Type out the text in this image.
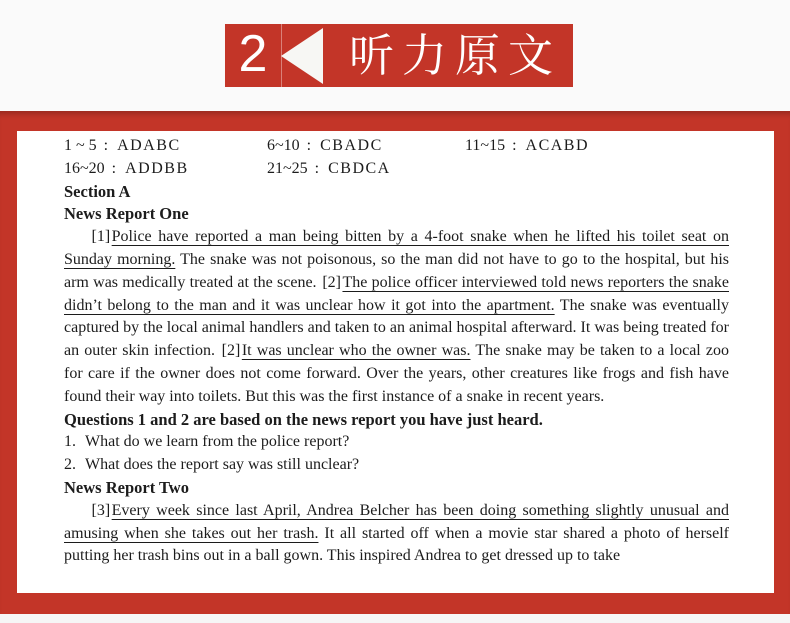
2	听力原文
1 ~ 5 : ADABC	6~10 : CBADC	11~15 : ACABD
16~20 : ADDBB	21~25 : CBDCA
Section A
News Report One

[1]Police have reported a man being bitten by a 4-foot snake when he lifted his toilet seat on Sunday morning. The snake was not poisonous, so the man did not have to go to the hospital, but his arm was medically treated at the scene. [2]The police officer interviewed told news reporters the snake didn’t belong to the man and it was unclear how it got into the apartment. The snake was eventually captured by the local animal handlers and taken to an animal hospital afterward. It was being treated for an outer skin infection. [2]It was unclear who the owner was. The snake may be taken to a local zoo for care if the owner does not come forward. Over the years, other creatures like frogs and fish have found their way into toilets. But this was the first instance of a snake in recent years.

Questions 1 and 2 are based on the news report you have just heard.
1. What do we learn from the police report?
2. What does the report say was still unclear?
News Report Two

[3]Every week since last April, Andrea Belcher has been doing something slightly unusual and amusing when she takes out her trash. It all started off when a movie star shared a photo of herself putting her trash bins out in a ball gown. This inspired Andrea to get dressed up to take
